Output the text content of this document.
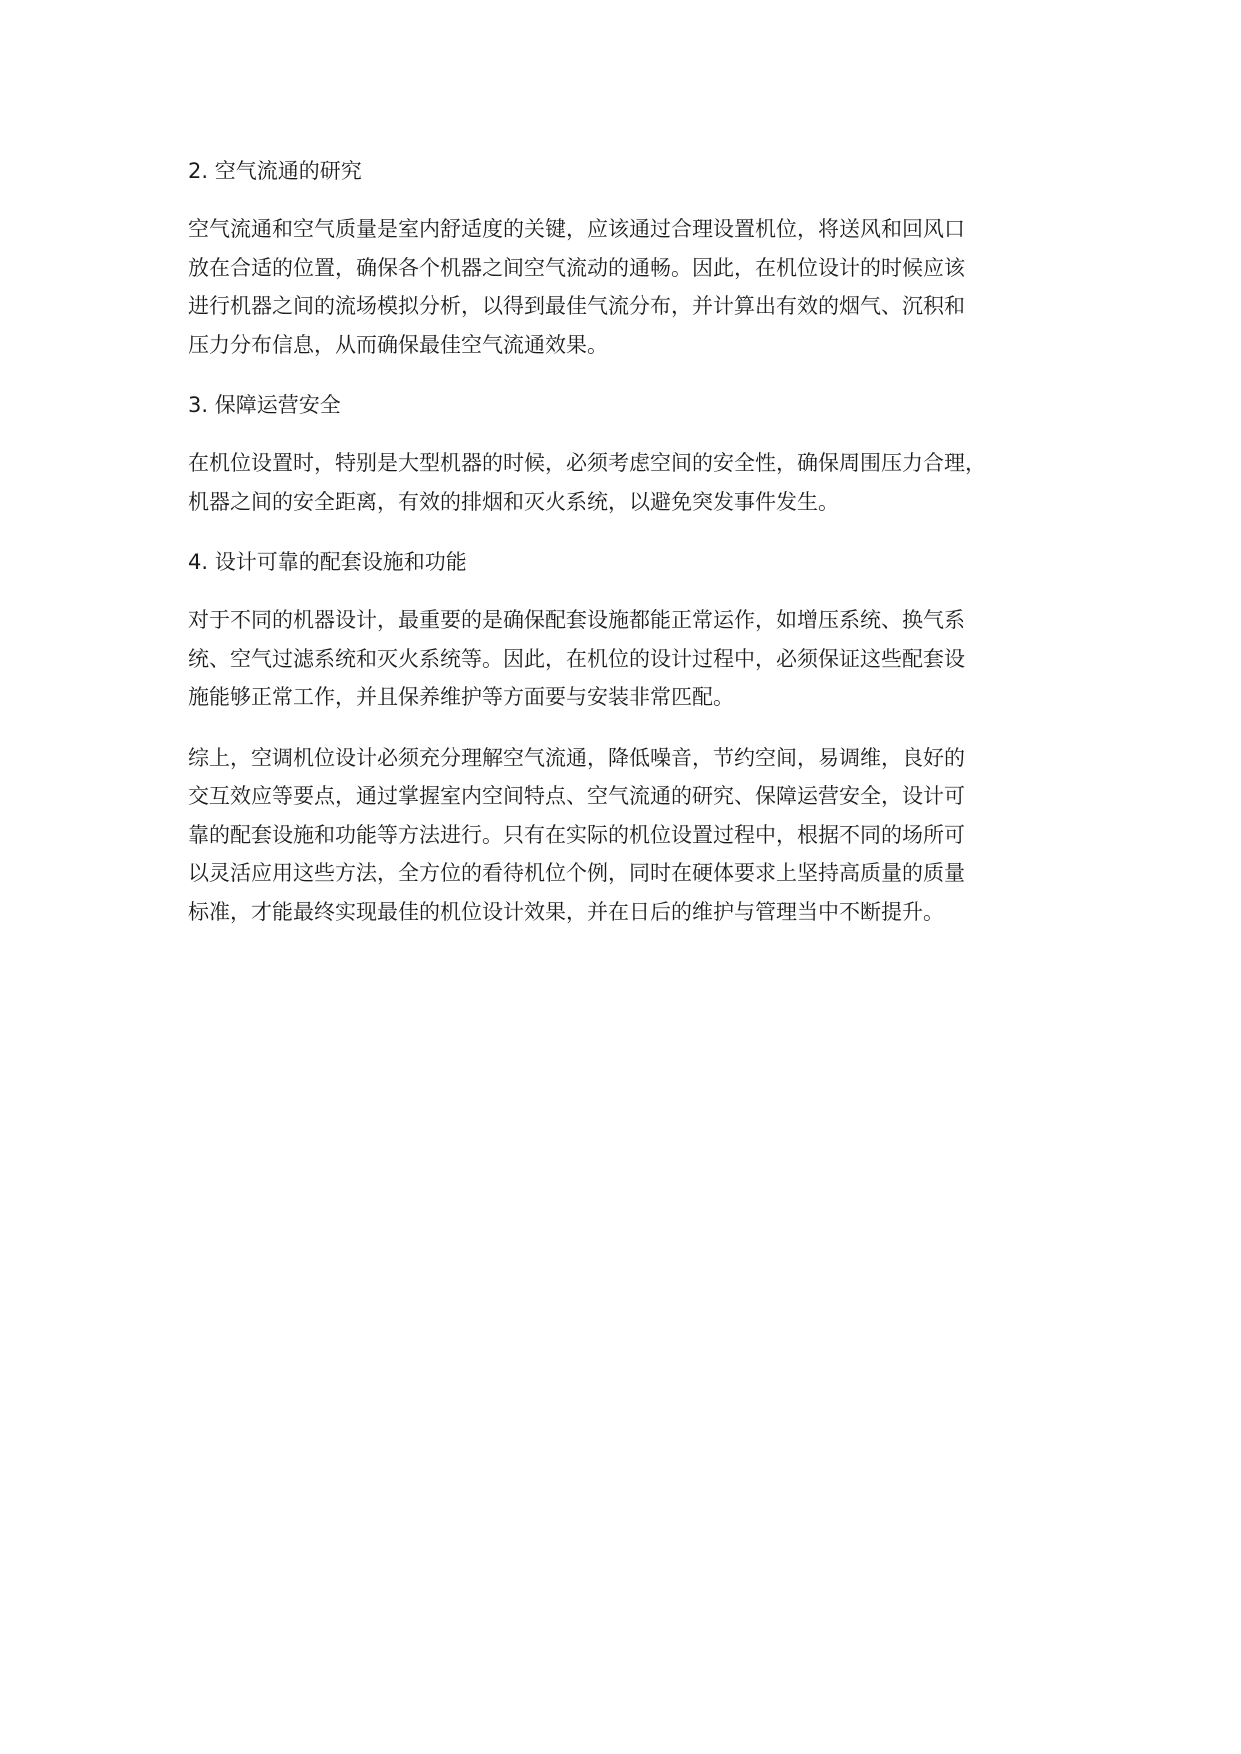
2. 空气流通的研究
空气流通和空气质量是室内舒适度的关键，应该通过合理设置机位，将送风和回风口
放在合适的位置，确保各个机器之间空气流动的通畅。因此，在机位设计的时候应该
进行机器之间的流场模拟分析，以得到最佳气流分布，并计算出有效的烟气、沉积和
压力分布信息，从而确保最佳空气流通效果。
3. 保障运营安全
在机位设置时，特别是大型机器的时候，必须考虑空间的安全性，确保周围压力合理，
机器之间的安全距离，有效的排烟和灭火系统，以避免突发事件发生。
4. 设计可靠的配套设施和功能
对于不同的机器设计，最重要的是确保配套设施都能正常运作，如增压系统、换气系
统、空气过滤系统和灭火系统等。因此，在机位的设计过程中，必须保证这些配套设
施能够正常工作，并且保养维护等方面要与安装非常匹配。
综上，空调机位设计必须充分理解空气流通，降低噪音，节约空间，易调维，良好的
交互效应等要点，通过掌握室内空间特点、空气流通的研究、保障运营安全，设计可
靠的配套设施和功能等方法进行。只有在实际的机位设置过程中，根据不同的场所可
以灵活应用这些方法，全方位的看待机位个例，同时在硬体要求上坚持高质量的质量
标准，才能最终实现最佳的机位设计效果，并在日后的维护与管理当中不断提升。
